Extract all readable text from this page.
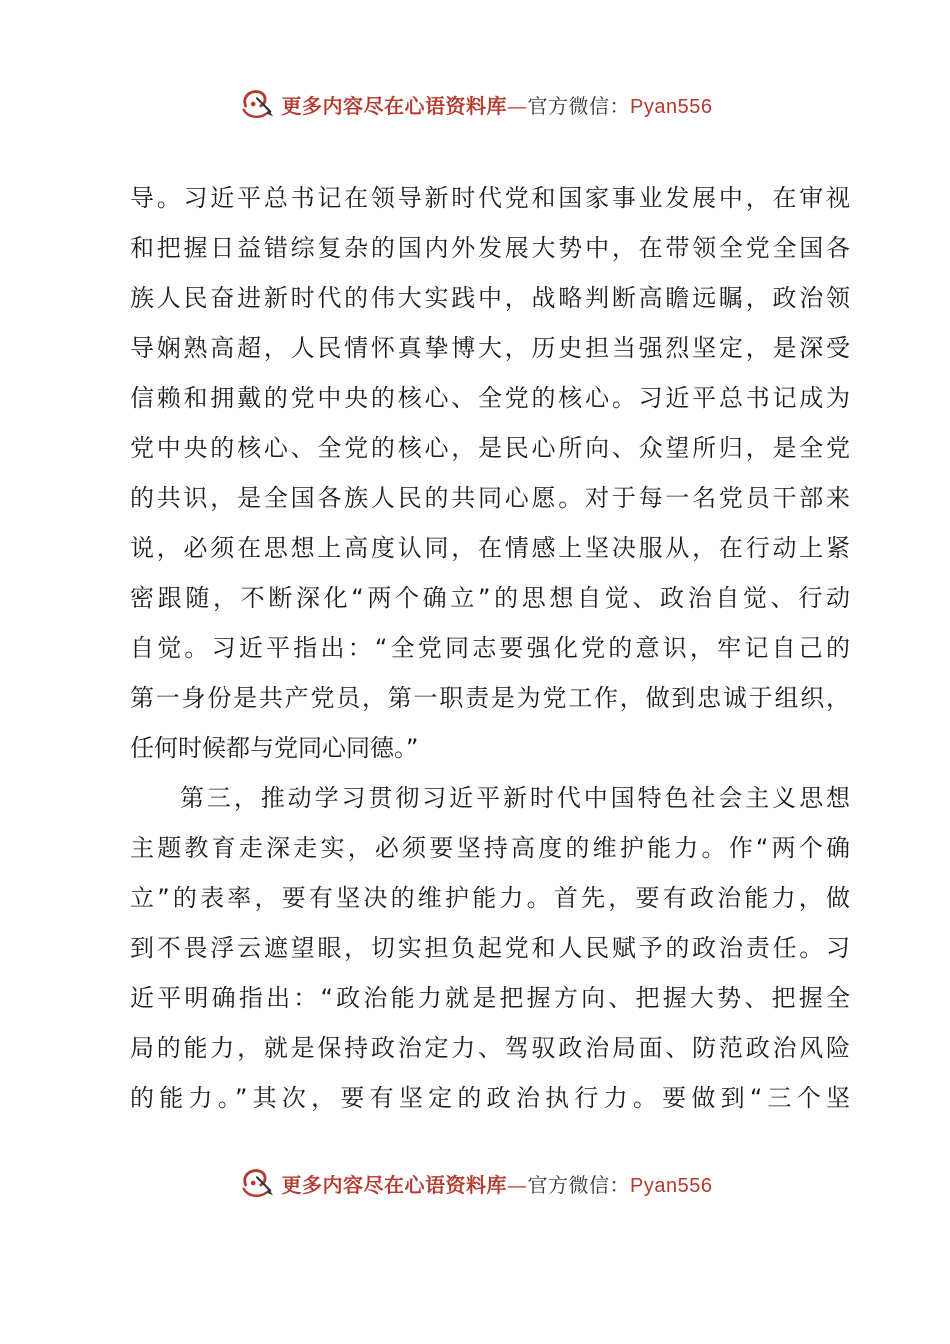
更多内容尽在心语资料库—官方微信：Pyan556
导。习近平总书记在领导新时代党和国家事业发展中，在审视
和把握日益错综复杂的国内外发展大势中，在带领全党全国各
族人民奋进新时代的伟大实践中，战略判断高瞻远瞩，政治领
导娴熟高超，人民情怀真挚博大，历史担当强烈坚定，是深受
信赖和拥戴的党中央的核心、全党的核心。习近平总书记成为
党中央的核心、全党的核心，是民心所向、众望所归，是全党
的共识，是全国各族人民的共同心愿。对于每一名党员干部来
说，必须在思想上高度认同，在情感上坚决服从，在行动上紧
密跟随，不断深化“两个确立”的思想自觉、政治自觉、行动
自觉。习近平指出：“全党同志要强化党的意识，牢记自己的
第一身份是共产党员，第一职责是为党工作，做到忠诚于组织，
任何时候都与党同心同德。”
第三，推动学习贯彻习近平新时代中国特色社会主义思想
主题教育走深走实，必须要坚持高度的维护能力。作“两个确
立”的表率，要有坚决的维护能力。首先，要有政治能力，做
到不畏浮云遮望眼，切实担负起党和人民赋予的政治责任。习
近平明确指出：“政治能力就是把握方向、把握大势、把握全
局的能力，就是保持政治定力、驾驭政治局面、防范政治风险
的能力。”其次，要有坚定的政治执行力。要做到“三个坚
更多内容尽在心语资料库—官方微信：Pyan556
